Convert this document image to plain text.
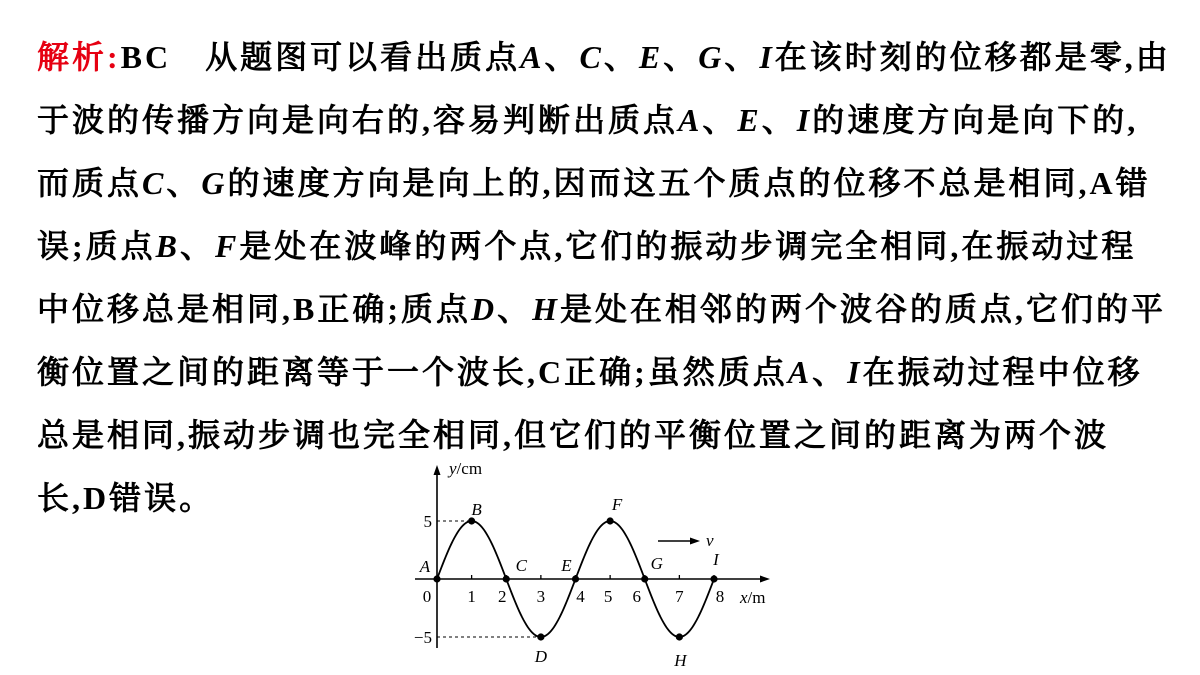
解析:BC 从题图可以看出质点A、C、E、G、I在该时刻的位移都是零,由
于波的传播方向是向右的,容易判断出质点A、E、I的速度方向是向下的,
而质点C、G的速度方向是向上的,因而这五个质点的位移不总是相同,A错
误;质点B、F是处在波峰的两个点,它们的振动步调完全相同,在振动过程
中位移总是相同,B正确;质点D、H是处在相邻的两个波谷的质点,它们的平
衡位置之间的距离等于一个波长,C正确;虽然质点A、I在振动过程中位移
总是相同,振动步调也完全相同,但它们的平衡位置之间的距离为两个波
长,D错误。
0 1 2 3 4 5 6 7 8
5
−5
A
B
C
D
E
F
G
H
I
x/m
y/cm
v
